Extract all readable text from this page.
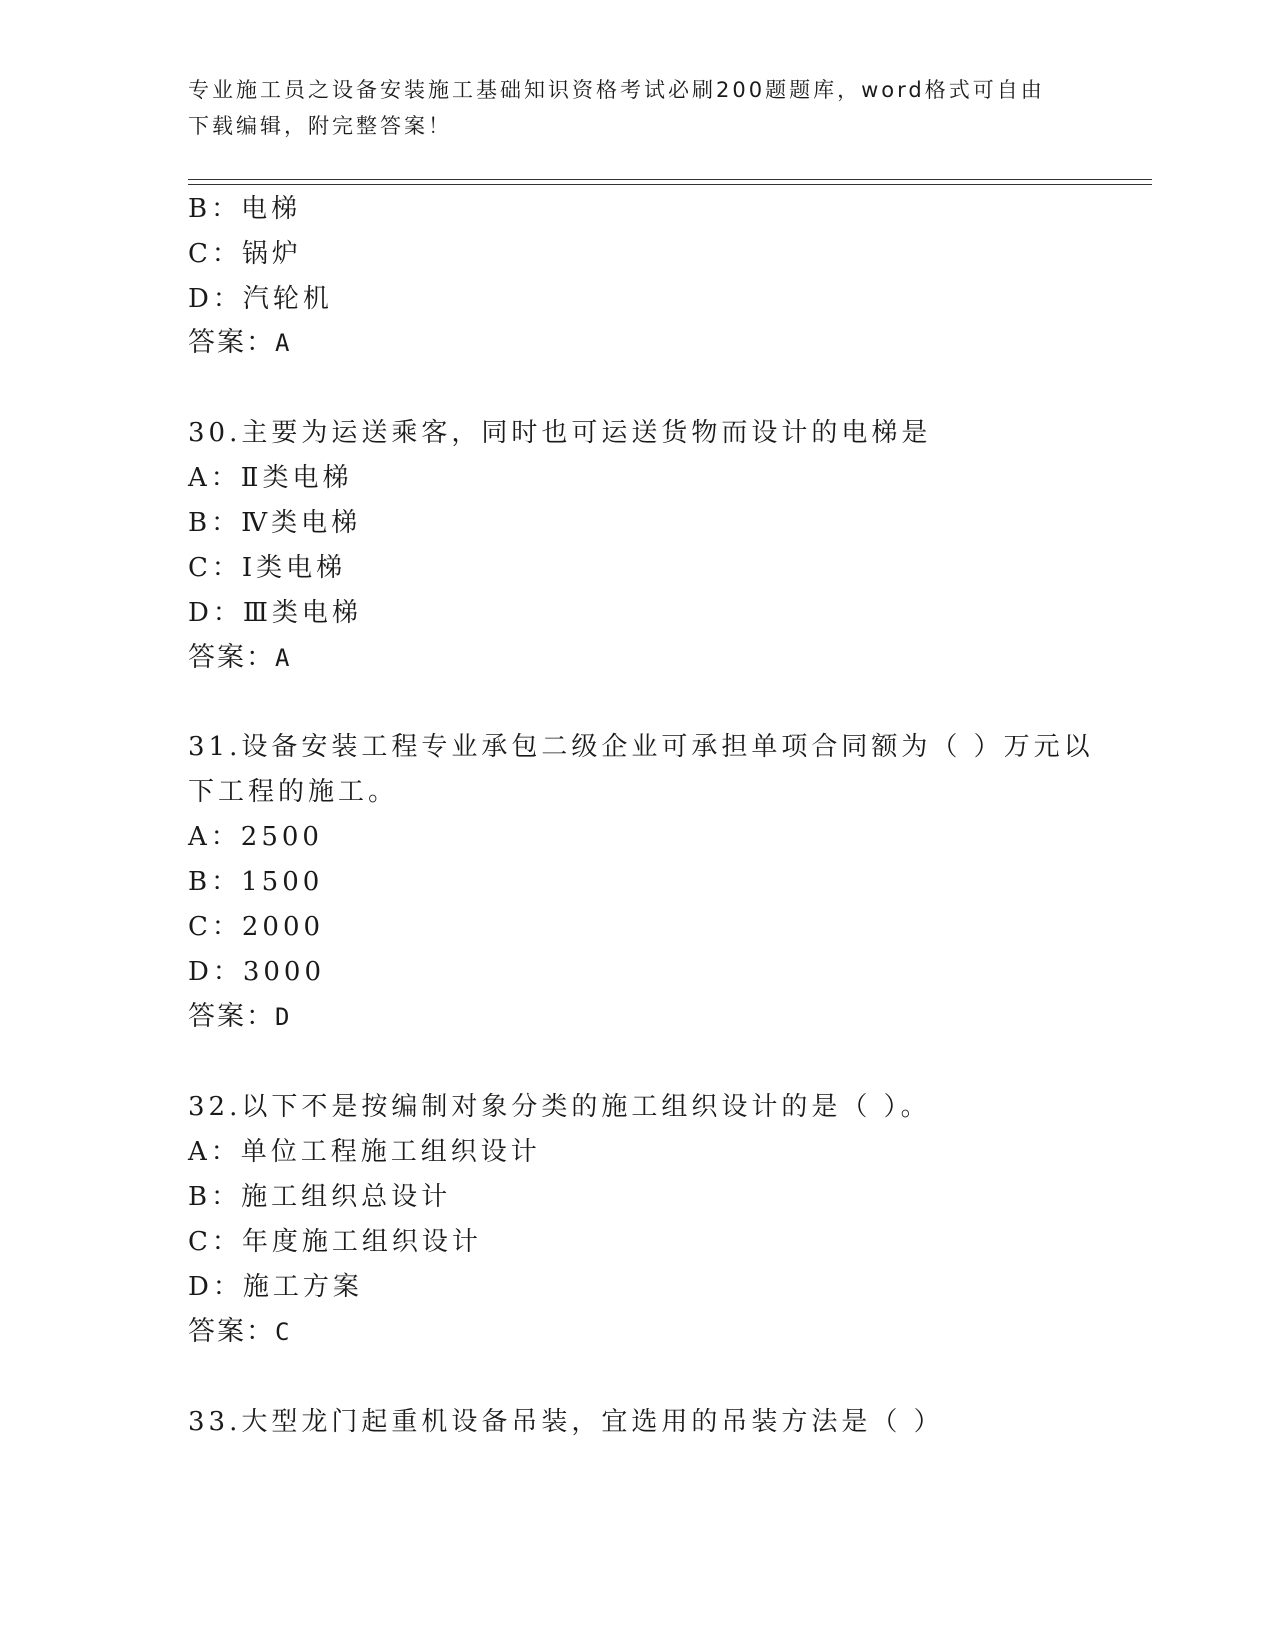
专业施工员之设备安装施工基础知识资格考试必刷200题题库，word格式可自由下载编辑，附完整答案！
B：电梯
C：锅炉
D：汽轮机
答案：A
30.主要为运送乘客，同时也可运送货物而设计的电梯是
A：Ⅱ类电梯
B：Ⅳ类电梯
C：Ⅰ类电梯
D：Ⅲ类电梯
答案：A
31.设备安装工程专业承包二级企业可承担单项合同额为（ ）万元以
下工程的施工。
A：2500
B：1500
C：2000
D：3000
答案：D
32.以下不是按编制对象分类的施工组织设计的是（ ）。
A：单位工程施工组织设计
B：施工组织总设计
C：年度施工组织设计
D：施工方案
答案：C
33.大型龙门起重机设备吊装，宜选用的吊装方法是（ ）
